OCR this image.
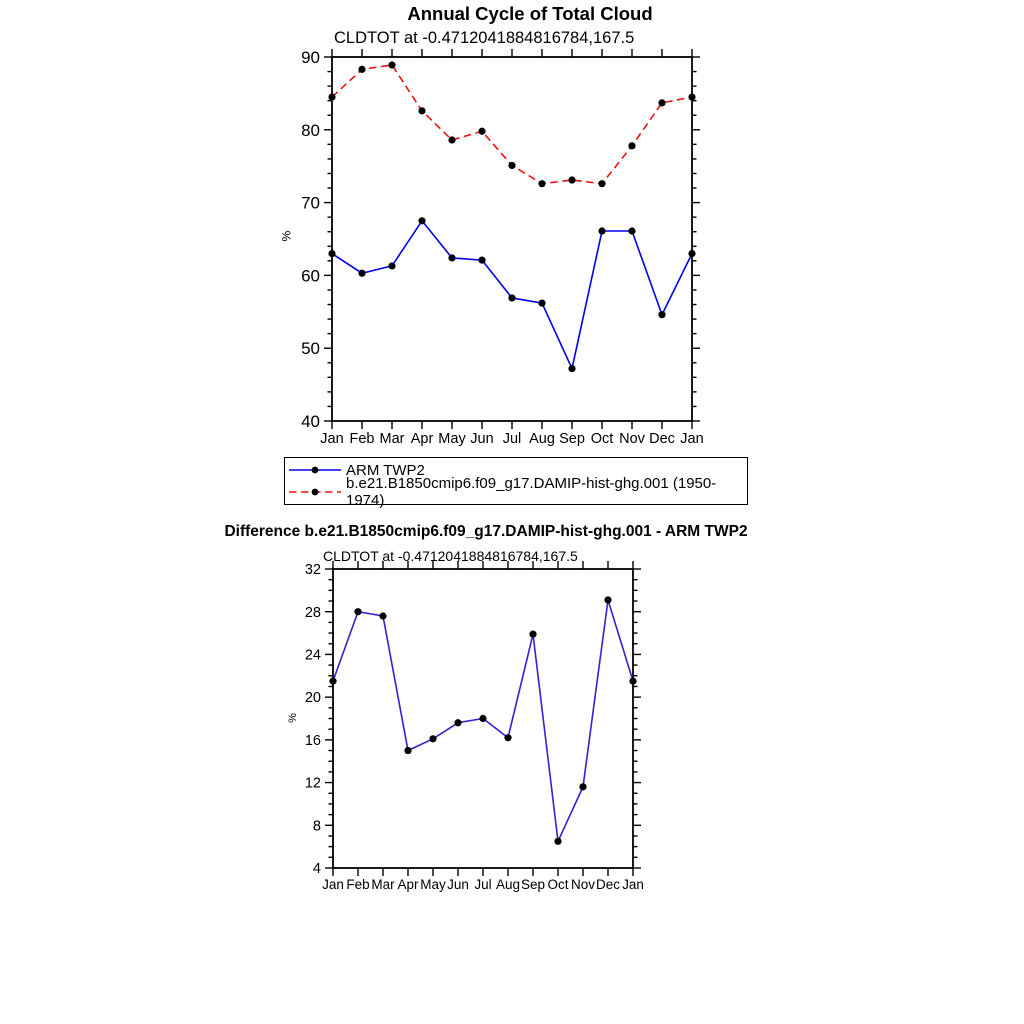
Annual Cycle of Total Cloud
CLDTOT at -0.4712041884816784,167.5
%
Jan Feb Mar Apr May Jun Jul Aug Sep Oct Nov Dec Jan
40
50
60
70
80
90
ARM TWP2
b.e21.B1850cmip6.f09_g17.DAMIP-hist-ghg.001 (1950-1974)
Difference b.e21.B1850cmip6.f09_g17.DAMIP-hist-ghg.001 - ARM TWP2
CLDTOT at -0.4712041884816784,167.5
%
Jan Feb Mar Apr May Jun Jul Aug Sep Oct Nov Dec Jan
4
8
12
16
20
24
28
32
